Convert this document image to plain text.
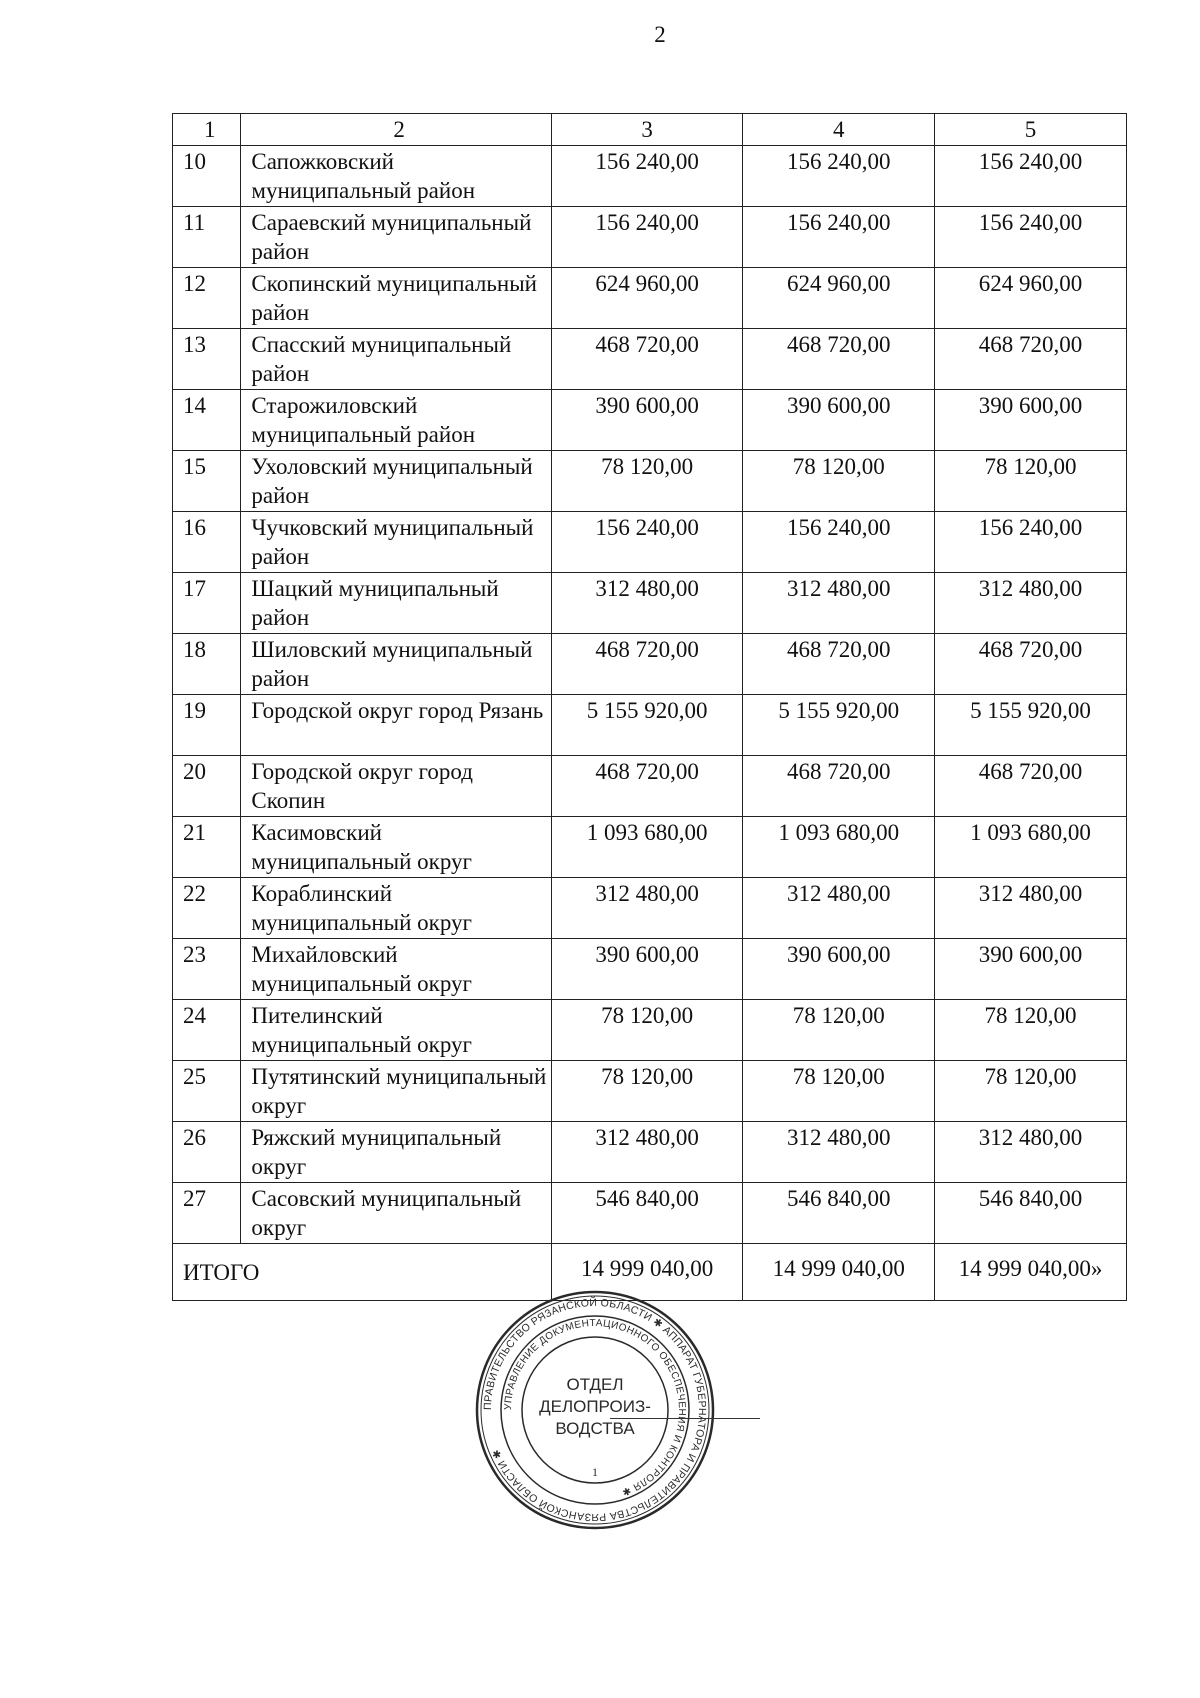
2
1	2	3	4	5
10	Сапожковский муниципальный район	156 240,00	156 240,00	156 240,00
11	Сараевский муниципальный район	156 240,00	156 240,00	156 240,00
12	Скопинский муниципальный район	624 960,00	624 960,00	624 960,00
13	Спасский муниципальный район	468 720,00	468 720,00	468 720,00
14	Старожиловский муниципальный район	390 600,00	390 600,00	390 600,00
15	Ухоловский муниципальный район	78 120,00	78 120,00	78 120,00
16	Чучковский муниципальный район	156 240,00	156 240,00	156 240,00
17	Шацкий муниципальный район	312 480,00	312 480,00	312 480,00
18	Шиловский муниципальный район	468 720,00	468 720,00	468 720,00
19	Городской округ город Рязань	5 155 920,00	5 155 920,00	5 155 920,00
20	Городской округ город Скопин	468 720,00	468 720,00	468 720,00
21	Касимовский муниципальный округ	1 093 680,00	1 093 680,00	1 093 680,00
22	Кораблинский муниципальный округ	312 480,00	312 480,00	312 480,00
23	Михайловский муниципальный округ	390 600,00	390 600,00	390 600,00
24	Пителинский муниципальный округ	78 120,00	78 120,00	78 120,00
25	Путятинский муниципальный округ	78 120,00	78 120,00	78 120,00
26	Ряжский муниципальный округ	312 480,00	312 480,00	312 480,00
27	Сасовский муниципальный округ	546 840,00	546 840,00	546 840,00
ИТОГО		14 999 040,00	14 999 040,00	14 999 040,00»
ПРАВИТЕЛЬСТВО РЯЗАНСКОЙ ОБЛАСТИ ✱ АППАРАТ ГУБЕРНАТОРА И ПРАВИТЕЛЬСТВА РЯЗАНСКОЙ ОБЛАСТИ ✱
УПРАВЛЕНИЕ ДОКУМЕНТАЦИОННОГО ОБЕСПЕЧЕНИЯ И КОНТРОЛЯ ✱
ОТДЕЛ
ДЕЛОПРОИЗ-
ВОДСТВА
1
